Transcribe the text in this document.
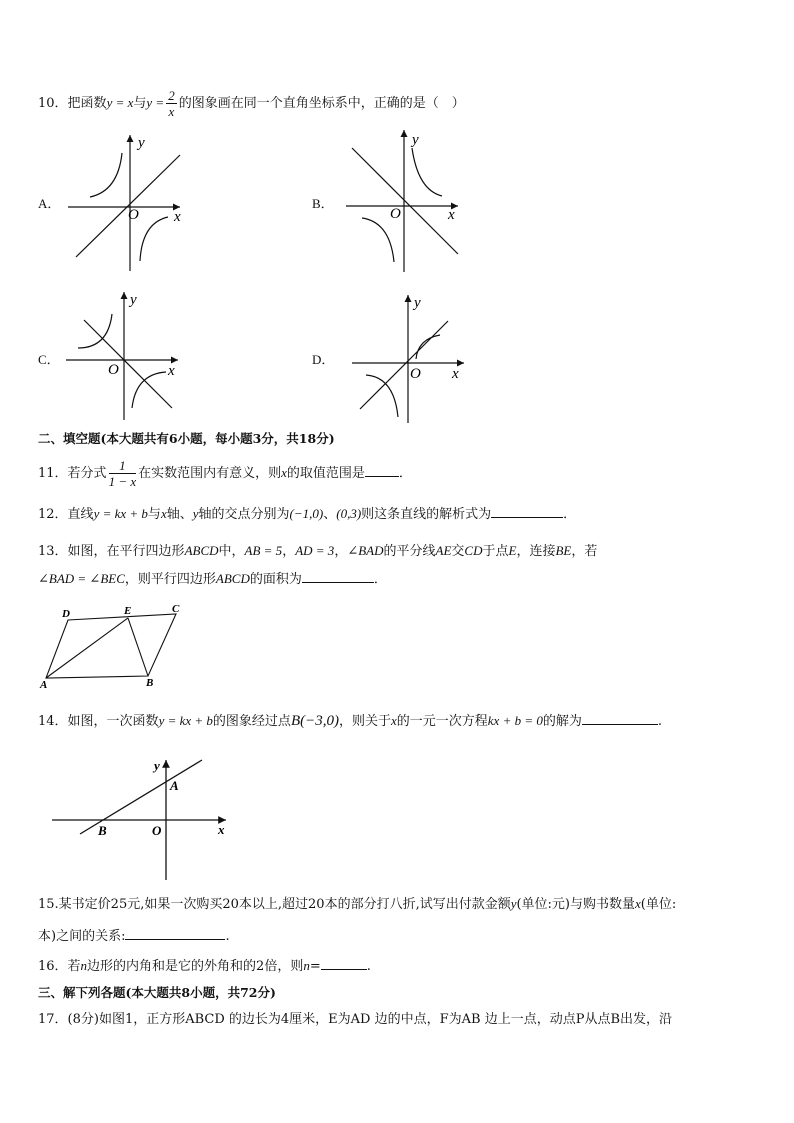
10．把函数y = x与$y = \frac{2}{x}$ 的图象画在同一个直角坐标系中，正确的是（　）
A．
y
x
O
B．
y
x
O
C．
y
x
O
D．
y
x
O
二、填空题(本大题共有6小题，每小题3分，共18分)
11．若分式 $\frac{1}{1 - x}$ 在实数范围内有意义，则x的取值范围是	．
12．直线y = kx + b与x轴、y轴的交点分别为(−1,0)、(0,3)则这条直线的解析式为	．
13．如图，在平行四边形ABCD中，AB = 5，AD = 3，∠BAD的平分线AE交CD于点E，连接BE，若
∠BAD = ∠BEC，则平行四边形ABCD的面积为	．
D	E	C
A	B
14．如图，一次函数y = kx + b的图象经过点B(−3,0)，则关于x的一元一次方程kx + b = 0的解为	.
y
x
A
B	O
15.某书定价25元,如果一次购买20本以上,超过20本的部分打八折,试写出付款金额y(单位:元)与购书数量x(单位:
本)之间的关系:	.
16．若n边形的内角和是它的外角和的2倍，则n=	.
三、解下列各题(本大题共8小题，共72分)
17．(8分)如图1，正方形ABCD 的边长为4厘米，E为AD 边的中点，F为AB 边上一点，动点P从点B出发，沿
